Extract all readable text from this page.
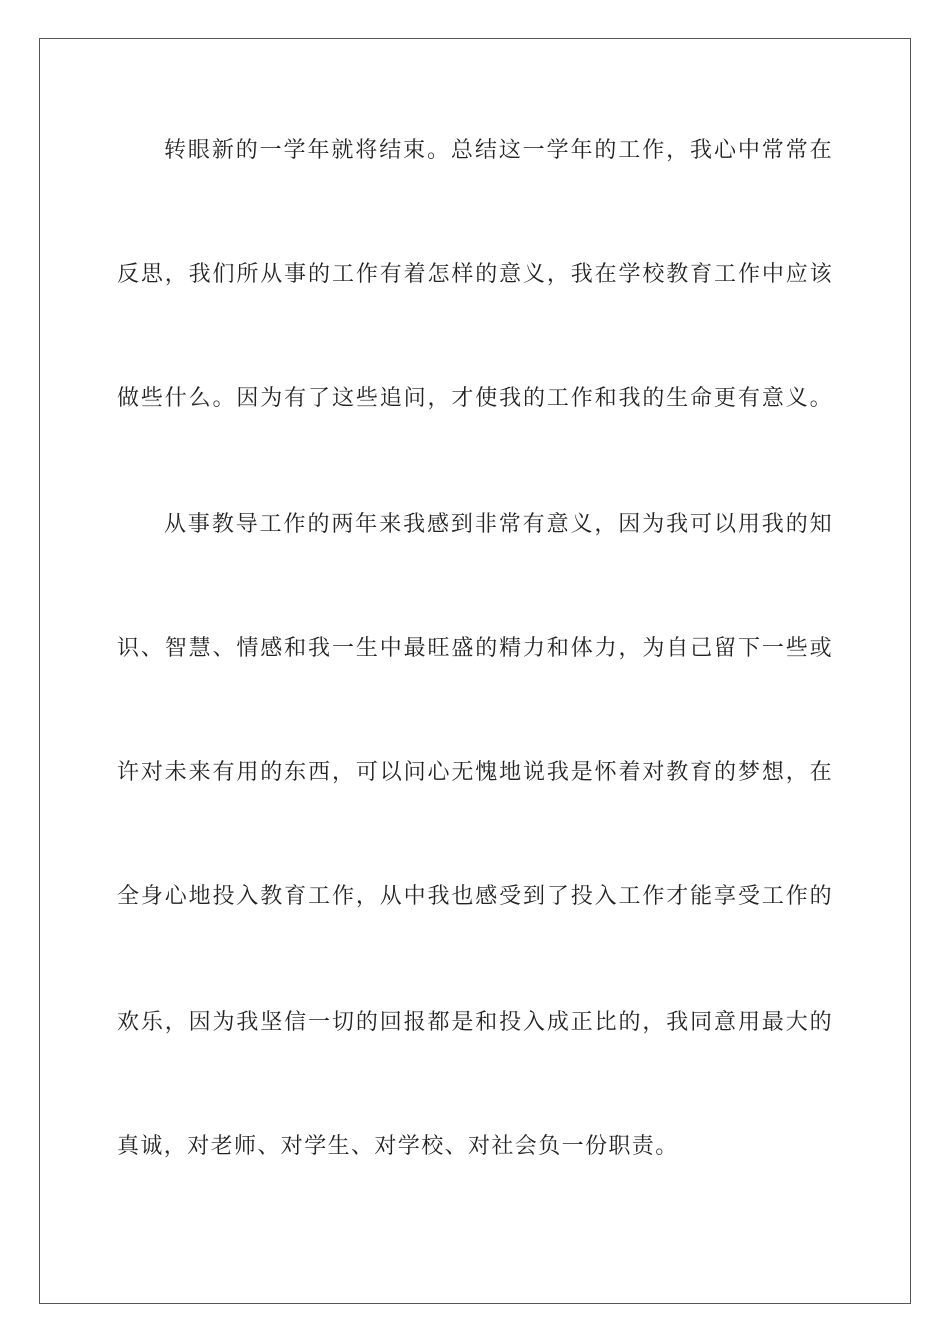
转眼新的一学年就将结束。总结这一学年的工作，我心中常常在
反思，我们所从事的工作有着怎样的意义，我在学校教育工作中应该
做些什么。因为有了这些追问，才使我的工作和我的生命更有意义。
从事教导工作的两年来我感到非常有意义，因为我可以用我的知
识、智慧、情感和我一生中最旺盛的精力和体力，为自己留下一些或
许对未来有用的东西，可以问心无愧地说我是怀着对教育的梦想，在
全身心地投入教育工作，从中我也感受到了投入工作才能享受工作的
欢乐，因为我坚信一切的回报都是和投入成正比的，我同意用最大的
真诚，对老师、对学生、对学校、对社会负一份职责。
